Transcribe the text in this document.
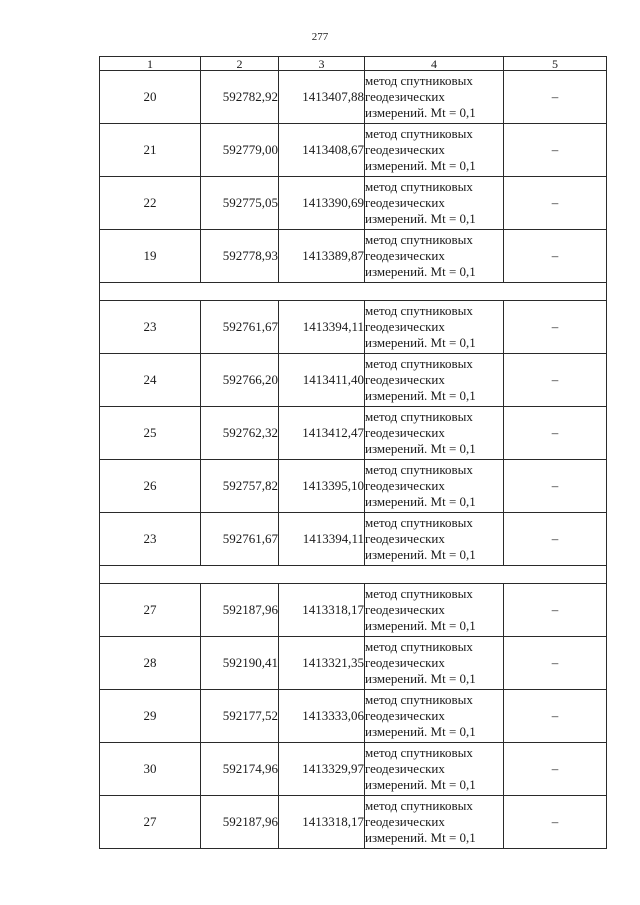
277
1	2	3	4	5
20	592782,92	1413407,88	метод спутниковых
геодезических
измерений. Mt = 0,1	–
21	592779,00	1413408,67	метод спутниковых
геодезических
измерений. Mt = 0,1	–
22	592775,05	1413390,69	метод спутниковых
геодезических
измерений. Mt = 0,1	–
19	592778,93	1413389,87	метод спутниковых
геодезических
измерений. Mt = 0,1	–

23	592761,67	1413394,11	метод спутниковых
геодезических
измерений. Mt = 0,1	–
24	592766,20	1413411,40	метод спутниковых
геодезических
измерений. Mt = 0,1	–
25	592762,32	1413412,47	метод спутниковых
геодезических
измерений. Mt = 0,1	–
26	592757,82	1413395,10	метод спутниковых
геодезических
измерений. Mt = 0,1	–
23	592761,67	1413394,11	метод спутниковых
геодезических
измерений. Mt = 0,1	–

27	592187,96	1413318,17	метод спутниковых
геодезических
измерений. Mt = 0,1	–
28	592190,41	1413321,35	метод спутниковых
геодезических
измерений. Mt = 0,1	–
29	592177,52	1413333,06	метод спутниковых
геодезических
измерений. Mt = 0,1	–
30	592174,96	1413329,97	метод спутниковых
геодезических
измерений. Mt = 0,1	–
27	592187,96	1413318,17	метод спутниковых
геодезических
измерений. Mt = 0,1	–
